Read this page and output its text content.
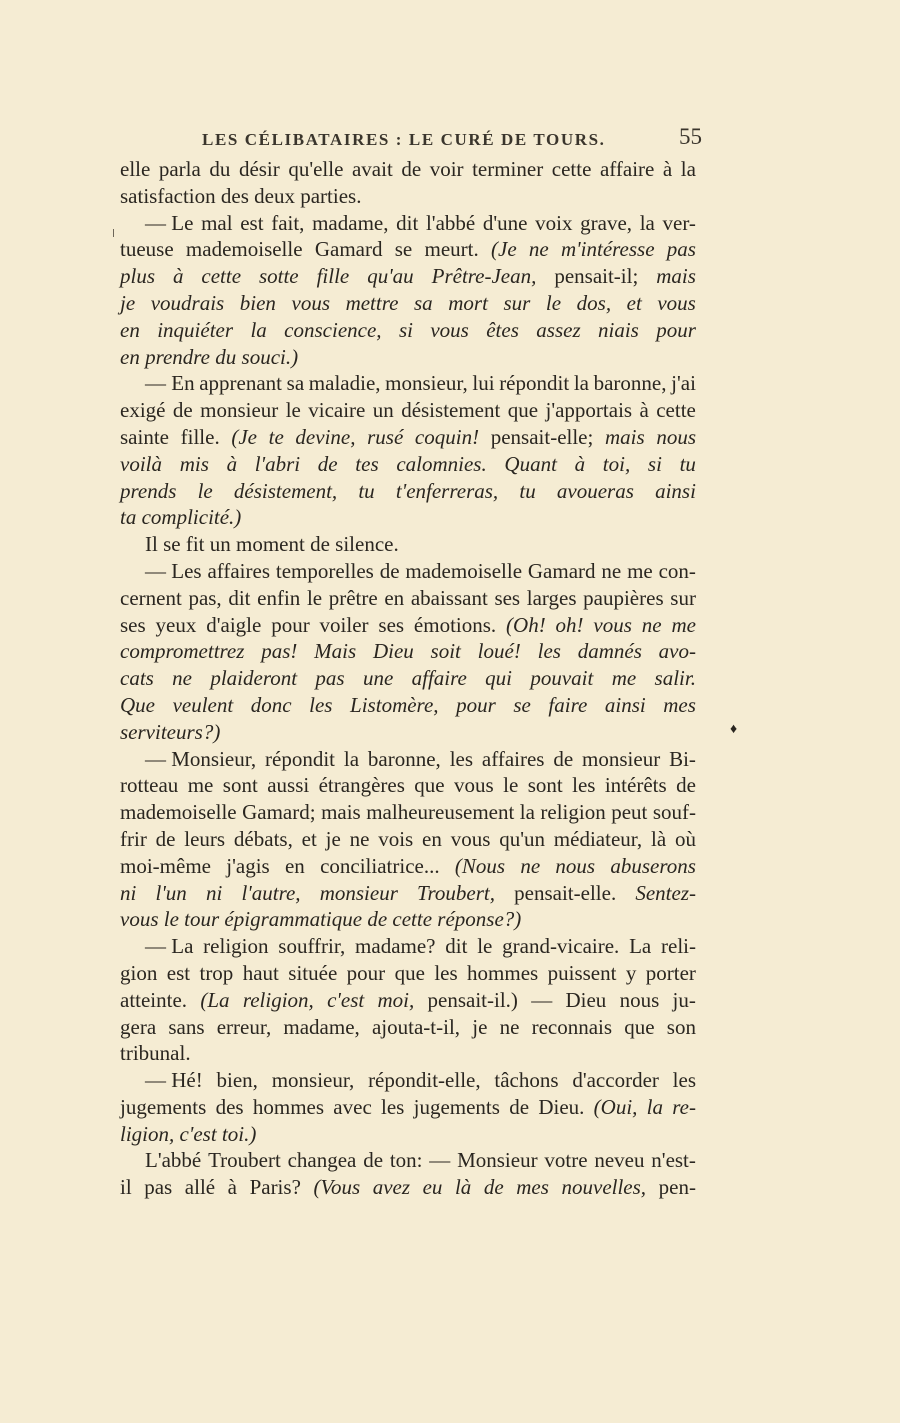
LES CÉLIBATAIRES : LE CURÉ DE TOURS.	55
♦
elle parla du désir qu'elle avait de voir terminer cette affaire à la
satisfaction des deux parties.
— Le mal est fait, madame, dit l'abbé d'une voix grave, la ver-
tueuse mademoiselle Gamard se meurt. (Je ne m'intéresse pas
plus à cette sotte fille qu'au Prêtre-Jean, pensait-il; mais
je voudrais bien vous mettre sa mort sur le dos, et vous
en inquiéter la conscience, si vous êtes assez niais pour
en prendre du souci.)
— En apprenant sa maladie, monsieur, lui répondit la baronne, j'ai
exigé de monsieur le vicaire un désistement que j'apportais à cette
sainte fille. (Je te devine, rusé coquin! pensait-elle; mais nous
voilà mis à l'abri de tes calomnies. Quant à toi, si tu
prends le désistement, tu t'enferreras, tu avoueras ainsi
ta complicité.)
Il se fit un moment de silence.
— Les affaires temporelles de mademoiselle Gamard ne me con-
cernent pas, dit enfin le prêtre en abaissant ses larges paupières sur
ses yeux d'aigle pour voiler ses émotions. (Oh! oh! vous ne me
compromettrez pas! Mais Dieu soit loué! les damnés avo-
cats ne plaideront pas une affaire qui pouvait me salir.
Que veulent donc les Listomère, pour se faire ainsi mes
serviteurs?)
— Monsieur, répondit la baronne, les affaires de monsieur Bi-
rotteau me sont aussi étrangères que vous le sont les intérêts de
mademoiselle Gamard; mais malheureusement la religion peut souf-
frir de leurs débats, et je ne vois en vous qu'un médiateur, là où
moi-même j'agis en conciliatrice... (Nous ne nous abuserons
ni l'un ni l'autre, monsieur Troubert, pensait-elle. Sentez-
vous le tour épigrammatique de cette réponse?)
— La religion souffrir, madame? dit le grand-vicaire. La reli-
gion est trop haut située pour que les hommes puissent y porter
atteinte. (La religion, c'est moi, pensait-il.) — Dieu nous ju-
gera sans erreur, madame, ajouta-t-il, je ne reconnais que son
tribunal.
— Hé! bien, monsieur, répondit-elle, tâchons d'accorder les
jugements des hommes avec les jugements de Dieu. (Oui, la re-
ligion, c'est toi.)
L'abbé Troubert changea de ton: — Monsieur votre neveu n'est-
il pas allé à Paris? (Vous avez eu là de mes nouvelles, pen-
